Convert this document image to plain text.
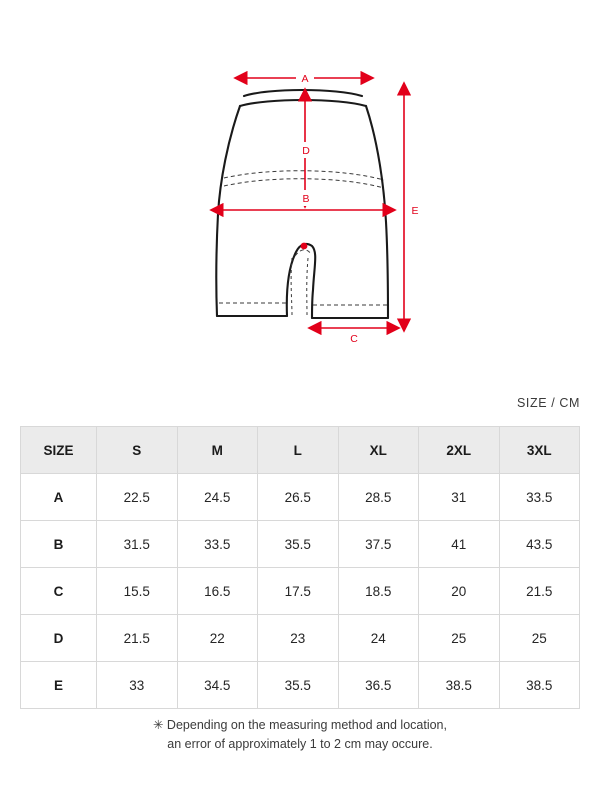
A
D
B
E
C
SIZE / CM
SIZE	S	M	L	XL	2XL	3XL
A	22.5	24.5	26.5	28.5	31	33.5
B	31.5	33.5	35.5	37.5	41	43.5
C	15.5	16.5	17.5	18.5	20	21.5
D	21.5	22	23	24	25	25
E	33	34.5	35.5	36.5	38.5	38.5
✳ Depending on the measuring method and location,
an error of approximately 1 to 2 cm may occure.
